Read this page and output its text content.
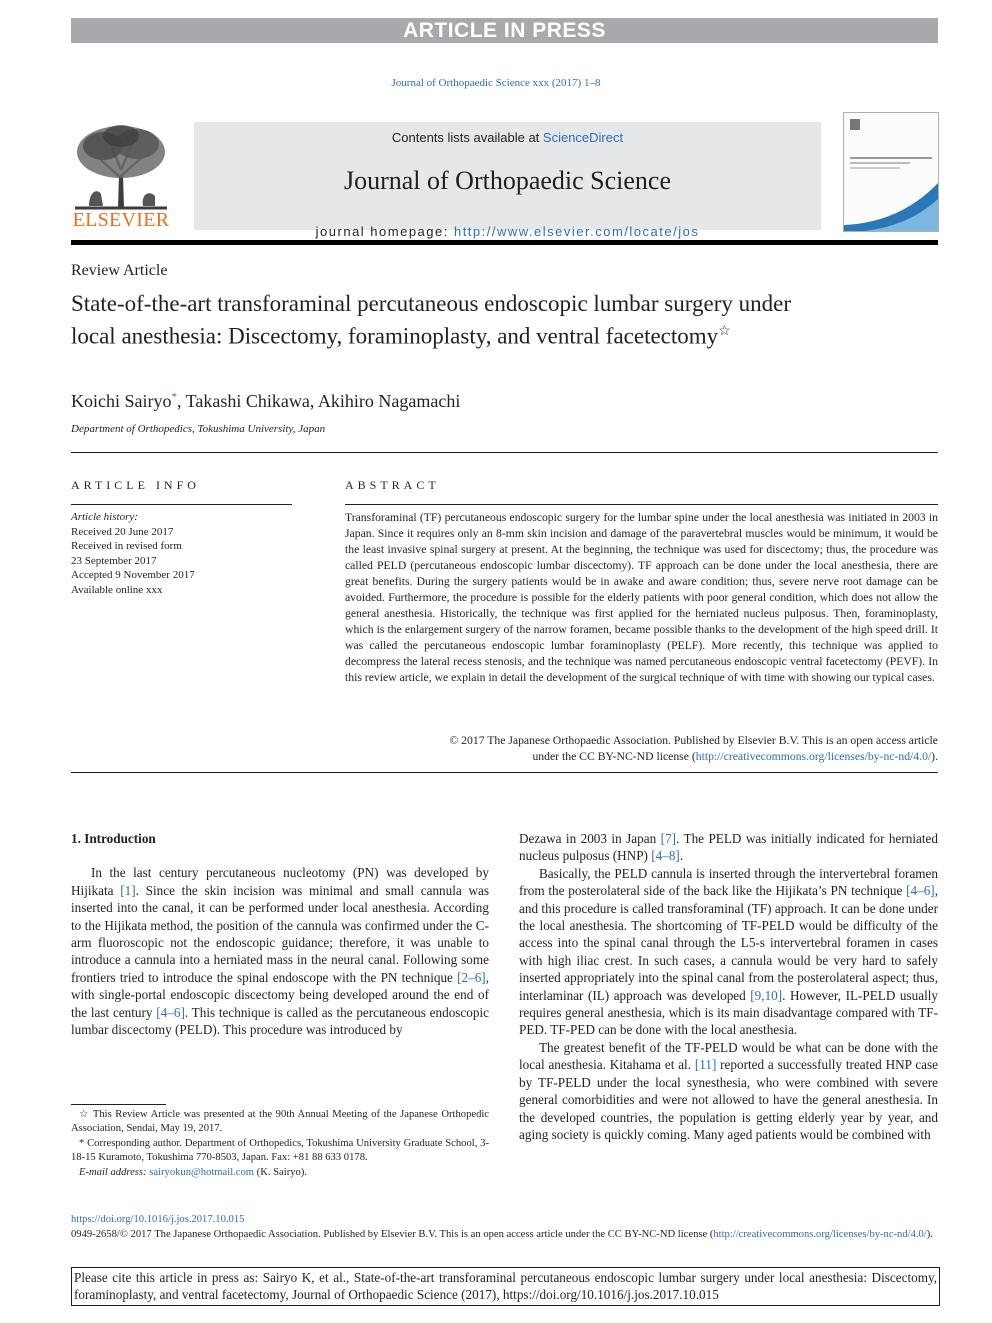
ARTICLE IN PRESS
Journal of Orthopaedic Science xxx (2017) 1–8
ELSEVIER
Contents lists available at ScienceDirect
Journal of Orthopaedic Science
journal homepage: http://www.elsevier.com/locate/jos
Review Article
State-of-the-art transforaminal percutaneous endoscopic lumbar surgery under local anesthesia: Discectomy, foraminoplasty, and ventral facetectomy☆
Koichi Sairyo*, Takashi Chikawa, Akihiro Nagamachi
Department of Orthopedics, Tokushima University, Japan
ARTICLE INFO
Article history:
Received 20 June 2017
Received in revised form
23 September 2017
Accepted 9 November 2017
Available online xxx
ABSTRACT
Transforaminal (TF) percutaneous endoscopic surgery for the lumbar spine under the local anesthesia was initiated in 2003 in Japan. Since it requires only an 8-mm skin incision and damage of the paravertebral muscles would be minimum, it would be the least invasive spinal surgery at present. At the beginning, the technique was used for discectomy; thus, the procedure was called PELD (percutaneous endoscopic lumbar discectomy). TF approach can be done under the local anesthesia, there are great benefits. During the surgery patients would be in awake and aware condition; thus, severe nerve root damage can be avoided. Furthermore, the procedure is possible for the elderly patients with poor general condition, which does not allow the general anesthesia. Historically, the technique was first applied for the herniated nucleus pulposus. Then, foraminoplasty, which is the enlargement surgery of the narrow foramen, became possible thanks to the development of the high speed drill. It was called the percutaneous endoscopic lumbar foraminoplasty (PELF). More recently, this technique was applied to decompress the lateral recess stenosis, and the technique was named percutaneous endoscopic ventral facetectomy (PEVF). In this review article, we explain in detail the development of the surgical technique of with time with showing our typical cases.
© 2017 The Japanese Orthopaedic Association. Published by Elsevier B.V. This is an open access article
under the CC BY-NC-ND license (http://creativecommons.org/licenses/by-nc-nd/4.0/).
1. Introduction

In the last century percutaneous nucleotomy (PN) was developed by Hijikata [1]. Since the skin incision was minimal and small cannula was inserted into the canal, it can be performed under local anesthesia. According to the Hijikata method, the position of the cannula was confirmed under the C-arm fluoroscopic not the endoscopic guidance; therefore, it was unable to introduce a cannula into a herniated mass in the neural canal. Following some frontiers tried to introduce the spinal endoscope with the PN technique [2–6], with single-portal endoscopic discectomy being developed around the end of the last century [4–6]. This technique is called as the percutaneous endoscopic lumbar discectomy (PELD). This procedure was introduced by

☆ This Review Article was presented at the 90th Annual Meeting of the Japanese Orthopedic Association, Sendai, May 19, 2017.

* Corresponding author. Department of Orthopedics, Tokushima University Graduate School, 3-18-15 Kuramoto, Tokushima 770-8503, Japan. Fax: +81 88 633 0178.

E-mail address: sairyokun@hotmail.com (K. Sairyo).

Dezawa in 2003 in Japan [7]. The PELD was initially indicated for herniated nucleus pulposus (HNP) [4–8].

Basically, the PELD cannula is inserted through the intervertebral foramen from the posterolateral side of the back like the Hijikata’s PN technique [4–6], and this procedure is called transforaminal (TF) approach. It can be done under the local anesthesia. The shortcoming of TF-PELD would be difficulty of the access into the spinal canal through the L5-s intervertebral foramen in cases with high iliac crest. In such cases, a cannula would be very hard to safely inserted appropriately into the spinal canal from the posterolateral aspect; thus, interlaminar (IL) approach was developed [9,10]. However, IL-PELD usually requires general anesthesia, which is its main disadvantage compared with TF-PED. TF-PED can be done with the local anesthesia.

The greatest benefit of the TF-PELD would be what can be done with the local anesthesia. Kitahama et al. [11] reported a successfully treated HNP case by TF-PELD under the local synesthesia, who were combined with severe general comorbidities and were not allowed to have the general anesthesia. In the developed countries, the population is getting elderly year by year, and aging society is quickly coming. Many aged patients would be combined with

https://doi.org/10.1016/j.jos.2017.10.015
0949-2658/© 2017 The Japanese Orthopaedic Association. Published by Elsevier B.V. This is an open access article under the CC BY-NC-ND license (http://creativecommons.org/licenses/by-nc-nd/4.0/).
Please cite this article in press as: Sairyo K, et al., State-of-the-art transforaminal percutaneous endoscopic lumbar surgery under local anesthesia: Discectomy, foraminoplasty, and ventral facetectomy, Journal of Orthopaedic Science (2017), https://doi.org/10.1016/j.jos.2017.10.015
